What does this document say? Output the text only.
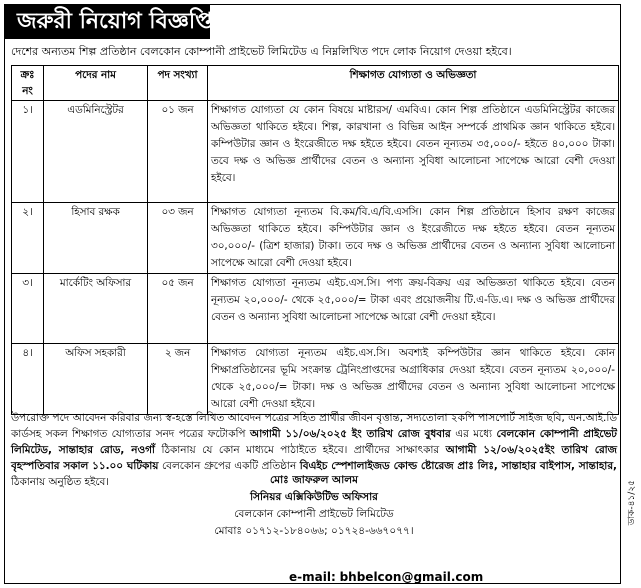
জরুরী নিয়োগ বিজ্ঞপ্তি
দেশের অন্যতম শিল্প প্রতিষ্ঠান বেলকোন কোম্পানী প্রাইভেট লিমিটেড এ নিম্নলিখিত পদে লোক নিয়োগ দেওয়া হইবে।
ক্রঃ নং	পদের নাম	পদ সংখ্যা	শিক্ষাগত যোগ্যতা ও অভিজ্ঞতা
১।	এডমিনিস্ট্রেটর	০১ জন	শিক্ষাগত যোগ্যতা যে কোন বিষয়ে মাষ্টারস/ এমবিএ। কোন শিল্প প্রতিষ্ঠানে এডমিনিস্ট্রেটর কাজের অভিজ্ঞতা থাকিতে হইবে। শিল্প, কারখানা ও বিভিন্ন আইন সম্পর্কে প্রাথমিক জ্ঞান থাকিতে হইবে। কম্পিউটার জ্ঞান ও ইংরেজীতে দক্ষ হইতে হইবে। বেতন নূন্যতম ৩৫,০০০/- হইতে ৪০,০০০ টাকা। তবে দক্ষ ও অভিজ্ঞ প্রার্থীদের বেতন ও অন্যান্য সুবিধা আলোচনা সাপেক্ষে আরো বেশী দেওয়া হইবে।
২।	হিসাব রক্ষক	০৩ জন	শিক্ষাগত যোগ্যতা নূন্যতম বি.কম/বি.এ/বি.এসসি। কোন শিল্প প্রতিষ্ঠানে হিসাব রক্ষণ কাজের অভিজ্ঞতা থাকিতে হইবে। কম্পিউটার জ্ঞান ও ইংরেজীতে দক্ষ হইতে হইবে। বেতন নূন্যতম ৩০,০০০/- (ত্রিশ হাজার) টাকা। তবে দক্ষ ও অভিজ্ঞ প্রার্থীদের বেতন ও অন্যান্য সুবিধা আলোচনা সাপেক্ষে আরো বেশী দেওয়া হইবে।
৩।	মার্কেটিং অফিসার	০৫ জন	শিক্ষাগত যোগ্যতা নূন্যতম এইচ.এস.সি। পণ্য ক্রয়-বিক্রয় এর অভিজ্ঞতা থাকিতে হইবে। বেতন নূন্যতম ২০,০০০/- থেকে ২৫,০০০/= টাকা এবং প্রয়োজনীয় টি.এ-ডি.এ। দক্ষ ও অভিজ্ঞ প্রার্থীদের বেতন ও অন্যান্য সুবিধা আলোচনা সাপেক্ষে আরো বেশী দেওয়া হইবে।
৪।	অফিস সহকারী	২ জন	শিক্ষাগত যোগ্যতা নূন্যতম এইচ.এস.সি। অবশ্যই কম্পিউটার জ্ঞান থাকিতে হইবে। কোন শিক্ষাপ্রতিষ্ঠানের ভূমি সংক্রান্ত ট্রেনিংপ্রাপ্তদের অগ্রাধিকার দেওয়া হইবে। বেতন নূন্যতম ২০,০০০/- থেকে ২৫,০০০/= টাকা। দক্ষ ও অভিজ্ঞ প্রার্থীদের বেতন ও অন্যান্য সুবিধা আলোচনা সাপেক্ষে আরো বেশী দেওয়া হইবে।
উপরোক্ত পদে আবেদন করিবার জন্য স্ব-হস্তে লিখিত আবেদন পত্রের সহিত প্রার্থীর জীবন বৃত্তান্ত, সদ্যতোলা ২কপি পাসপোর্ট সাইজ ছবি, এন.আই.ডি কার্ডসহ সকল শিক্ষাগত যোগ্যতার সনদ পত্রের ফটোকপি আগামী ১১/০৬/২০২৫ ইং তারিখ রোজ বুধবার এর মধ্যে বেলকোন কোম্পানী প্রাইভেট লিমিটেড, সান্তাহার রোড, নওগাঁ ঠিকানায় যে কোন মাধ্যমে পাঠাইতে হইবে। প্রার্থীদের সাক্ষাৎকার আগামী ১২/০৬/২০২৫ইং তারিখ রোজ বৃহস্পতিবার সকাল ১১.০০ ঘটিকায় বেলকোন গ্রুপের একটি প্রতিষ্ঠান বিএইচ স্পেশালাইজড কোল্ড ষ্টোরেজ প্রাঃ লিঃ, সান্তাহার বাইপাস, সান্তাহার, ঠিকানায় অনুষ্ঠিত হইবে।	মোঃ জাফরুল আলম
সিনিয়র এক্সিকিউটিভ অফিসার
বেলকোন কোম্পানী প্রাইভেট লিমিটেড
মোবাঃ ০১৭১২-১৮৪০৬৬; ০১৭২৪-৬৬৭০৭৭।
e-mail: bhbelcon@gmail.com
ডাক-৪১/২৫
